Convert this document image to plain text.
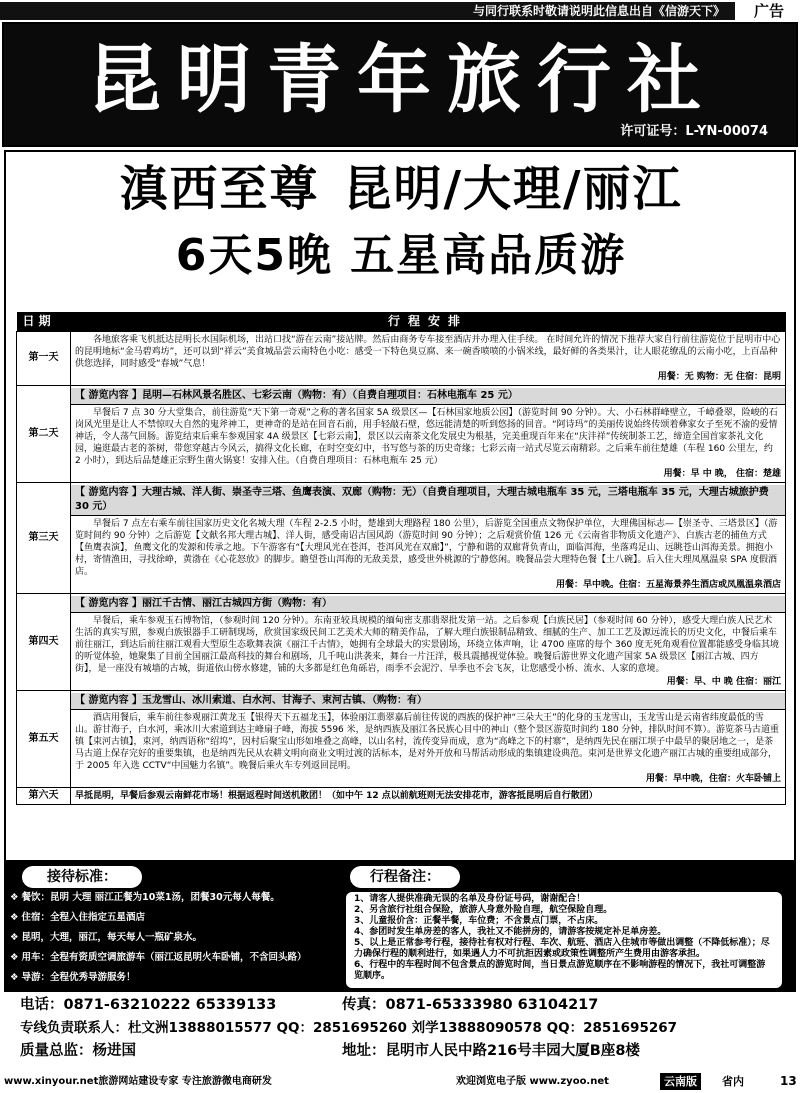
与同行联系时敬请说明此信息出自《信游天下》	广告
昆明青年旅行社
许可证号：L-YN-00074
滇西至尊 昆明/大理/丽江
6天5晚 五星高品质游
日 期	行程安排
第一天	各地旅客乘飞机抵达昆明长水国际机场，出站口找“游在云南”接站牌。然后由商务专车接至酒店并办理入住手续。 在时间允许的情况下推荐大家自行前往游览位于昆明市中心的昆明地标“金马碧鸡坊”，还可以到“祥云”美食城品尝云南特色小吃：感受一下特色臭豆腐、来一碗香喷喷的小锅米线，最好鲜的各类果汁，让人眼花缭乱的云南小吃，上百品种供您选择，同时感受“春城”气息！
用餐：无 购物：无 住宿：昆明

第二天	【 游览内容 】昆明—石林风景名胜区、七彩云南（购物：有）（自费自理项目：石林电瓶车 25 元）
早餐后 7 点 30 分大堂集合，前往游览“天下第一奇观”之称的著名国家 5A 级景区—【石林国家地质公园】（游览时间 90 分钟）。大、小石林群峰壁立，千嶂叠翠，险峻的石岗风光里是让人不禁惊叹大自然的鬼斧神工，更神奇的是站在回音石前，用手轻敲石壁，悠远能清楚的听到悠扬的回音。“阿诗玛”的美丽传说始终传颂着彝家女子至死不渝的爱情神话，令人荡气回肠。游览结束后乘车参观国家 4A 级景区【七彩云南】，景区以云南茶文化发展史为根基，完美重现百年来在“庆沣祥”传统制茶工艺，缔造全国首家茶礼文化园，遍逛最古老的茶树，带您穿越古今风云，搞得文化长廊，在时空变幻中，书写悠与茶的历史奇缘；七彩云南一站式尽览云南精彩。之后乘车前往楚雄（车程 160 公里左，约 2 小时），到达后品楚雄正宗野生菌火锅宴！安排入住。（自费自理项目：石林电瓶车 25 元）
用餐：早 中 晚， 住宿：楚雄

第三天	【 游览内容 】大理古城、洋人街、崇圣寺三塔、鱼鹰表演、双廊（购物：无）（自费自理项目，大理古城电瓶车 35 元，三塔电瓶车 35 元，大理古城旅护费 30 元）
早餐后 7 点左右乘车前往国家历史文化名城大理（车程 2-2.5 小时，楚雄到大理路程 180 公里），后游览全国重点文物保护单位，大理佛国标志—【崇圣寺、三塔景区】（游览时间约 90 分钟）之后游览【文献名邦大理古城】、洋人街，感受南诏古国风韵（游览时间 90 分钟）；之后观赏价值 126 元《云南省非物质文化遗产》、白族古老的捕鱼方式【鱼鹰表演】，鱼鹰文化的发源和传承之地。下午游客有“【大理风光在苍洱，苍洱风光在双廊】”，宁静和谐的双廊背负青山，面临洱海，坐落鸡足山、远眺苍山洱海美景。拥抱小村，寄情渔田，寻找徐峥，黄渤在《心花怒放》的脚步。瞻望苍山洱海的无敌美景，感受世外桃源的宁静悠闲。晚餐品尝大理特色餐【土八碗】。后入住大理凤凰温泉 SPA 度假酒店。
用餐：早中晚。住宿：五星海景养生酒店或凤凰温泉酒店

第四天	【 游览内容 】丽江千古情、丽江古城四方街（购物：有）
早餐后，乘车参观玉石博物馆，（参观时间 120 分钟）。东南亚较具规模的缅甸密支那翡翠批发第一站。之后参观【白族民居】（参观时间 60 分钟），感受大理白族人民艺术生活的真实写照，参观白族银器手工研制现场，欣赏国家级民间工艺美术大师的精美作品，了解大理白族银制品精致、细腻的生产、加工工艺及源远流长的历史文化，中餐后乘车前往丽江，到达后前往丽江观看大型原生态歌舞表演《丽江千古情》，她拥有全球最大的实景剧场，环绕立体声响，让 4700 座席的每个 360 度无死角观看位置都能感受身临其境的听觉体验，她聚集了目前全国丽江最高科技的舞台和剧场，几千吨山洪袭来，舞台一片汪洋，极具震撼视觉体验。晚餐后游世界文化遗产国家 5A 级景区【丽江古城、四方街】，是一座没有城墙的古城，街道依山傍水修建，铺的大多都是红色角砾岩，雨季不会泥泞、旱季也不会飞灰，让您感受小桥、流水、人家的意境。
用餐：早、中 晚 住宿：丽江

第五天	【 游览内容 】玉龙雪山、冰川索道、白水河、甘海子、束河古镇、（购物：有）
酒店用餐后，乘车前往参观丽江黄龙玉【银得天下五福龙玉】，体验丽江翡翠嘉后前往传说的西族的保护神“三朵大王”的化身的玉龙雪山，玉龙雪山是云南省纬度最低的雪山。游甘海子，白水河，乘冰川大索道到达主峰扇子峰，海拔 5596 米，是纳西族及丽江各民族心目中的神山（整个景区游览时间约 180 分钟，排队时间不算）。游览茶马古道重镇【束河古镇】，束河，纳西语称“绍坞”，因村后聚宝山形如堆叠之高峰，以山名村，流传变异而成，意为“高峰之下的村寨”，是纳西先民在丽江坝子中最早的聚居地之一，是茶马古道上保存完好的重要集镇，也是纳西先民从农耕文明向商业文明过渡的活标本，是对外开放和马帮活动形成的集镇建设典范。束河是世界文化遗产丽江古城的重要组成部分，于 2005 年入选 CCTV“中国魅力名镇”。晚餐后乘火车专列返回昆明。
用餐：早中晚，住宿：火车卧铺上

第六天	早抵昆明，早餐后参观云南鲜花市场！根据返程时间送机散团！（如中午 12 点以前航班则无法安排花市，游客抵昆明后自行散团）
接待标准：
❖ 餐饮：昆明 大理 丽江正餐为10菜1汤，团餐30元每人每餐。
❖ 住宿：全程入住指定五星酒店
❖ 昆明，大理，丽江，每天每人一瓶矿泉水。
❖ 用车：全程有资质空调旅游车（丽江返昆明火车卧铺，不含回头路）
❖ 导游：全程优秀导游服务！
行程备注：
1、请客人提供准确无误的名单及身份证号码，谢谢配合！
2、另含旅行社组合保险，旅游人身意外险自理，航空保险自理。
3、儿童报价含：正餐半餐，车位费；不含景点门票，不占床。
4、参团时发生单房差的客人，我社又不能拼房的，请游客按规定补足单房差。
5、以上是正常参考行程，接待社有权对行程、车次、航班、酒店入住城市等做出调整（不降低标准）；尽力确保行程的顺利进行，如果遇人力不可抗拒因素或政策性调整所产生费用由游客承担。
6、行程中的车程时间不包含景点的游览时间，当日景点游览顺序在不影响游程的情况下，我社可调整游览顺序。
电话：0871-63210222 65339133	传真：0871-65333980 63104217
专线负责联系人：杜文洲13888015577 QQ：2851695260 刘学13888090578 QQ：2851695267
质量总监：杨进国	地址：昆明市人民中路216号丰园大厦B座8楼
www.xinyour.net旅游网站建设专家 专注旅游微电商研发	欢迎浏览电子版 www.zyoo.net	云南版	省内	13
